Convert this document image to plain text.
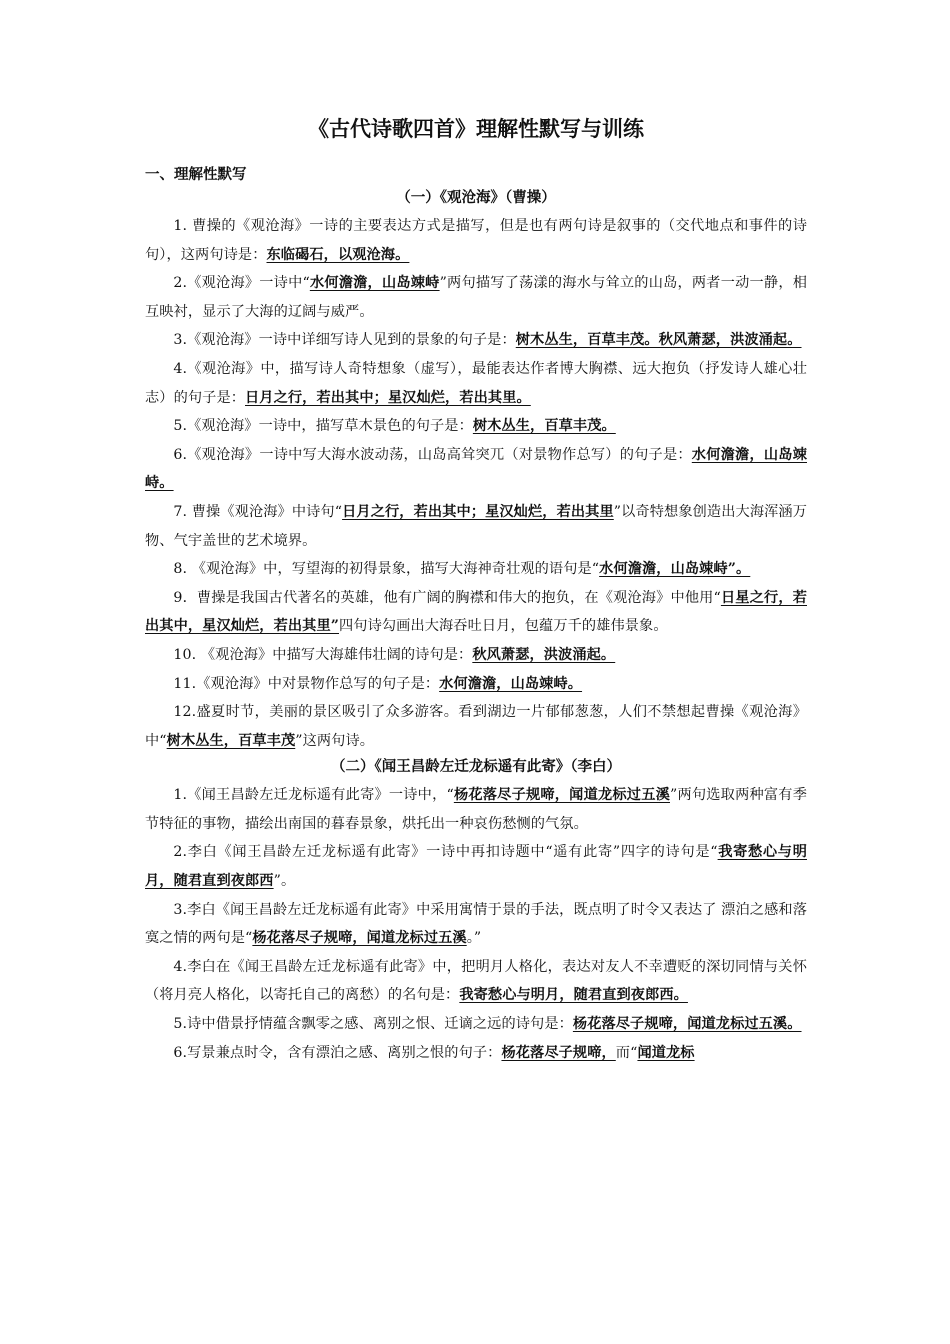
《古代诗歌四首》理解性默写与训练

一、理解性默写

（一）《观沧海》（曹操）

1. 曹操的《观沧海》一诗的主要表达方式是描写，但是也有两句诗是叙事的（交代地点和事件的诗句），这两句诗是：东临碣石，以观沧海。

2.《观沧海》一诗中“水何澹澹，山岛竦峙”两句描写了荡漾的海水与耸立的山岛，两者一动一静，相互映衬，显示了大海的辽阔与威严。

3.《观沧海》一诗中详细写诗人见到的景象的句子是：树木丛生，百草丰茂。秋风萧瑟，洪波涌起。

4.《观沧海》中，描写诗人奇特想象（虚写），最能表达作者博大胸襟、远大抱负（抒发诗人雄心壮志）的句子是：日月之行，若出其中；星汉灿烂，若出其里。

5.《观沧海》一诗中，描写草木景色的句子是：树木丛生，百草丰茂。

6.《观沧海》一诗中写大海水波动荡，山岛高耸突兀（对景物作总写）的句子是：水何澹澹，山岛竦峙。

7. 曹操《观沧海》中诗句“日月之行，若出其中；星汉灿烂，若出其里”以奇特想象创造出大海浑涵万物、气宇盖世的艺术境界。

8. 《观沧海》中，写望海的初得景象，描写大海神奇壮观的语句是“水何澹澹，山岛竦峙”。

9．曹操是我国古代著名的英雄，他有广阔的胸襟和伟大的抱负，在《观沧海》中他用“日星之行，若出其中，星汉灿烂，若出其里”四句诗勾画出大海吞吐日月，包蕴万千的雄伟景象。

10. 《观沧海》中描写大海雄伟壮阔的诗句是：秋风萧瑟，洪波涌起。

11.《观沧海》中对景物作总写的句子是：水何澹澹，山岛竦峙。

12.盛夏时节，美丽的景区吸引了众多游客。看到湖边一片郁郁葱葱，人们不禁想起曹操《观沧海》中“树木丛生，百草丰茂”这两句诗。

（二）《闻王昌龄左迁龙标遥有此寄》（李白）

1.《闻王昌龄左迁龙标遥有此寄》一诗中，“杨花落尽子规啼，闻道龙标过五溪”两句选取两种富有季节特征的事物，描绘出南国的暮春景象，烘托出一种哀伤愁恻的气氛。

2.李白《闻王昌龄左迁龙标遥有此寄》一诗中再扣诗题中“遥有此寄”四字的诗句是“我寄愁心与明月，随君直到夜郎西”。

3.李白《闻王昌龄左迁龙标遥有此寄》中采用寓情于景的手法，既点明了时令又表达了 漂泊之感和落寞之情的两句是“杨花落尽子规啼，闻道龙标过五溪。”

4.李白在《闻王昌龄左迁龙标遥有此寄》中，把明月人格化，表达对友人不幸遭贬的深切同情与关怀（将月亮人格化，以寄托自己的离愁）的名句是：我寄愁心与明月，随君直到夜郎西。

5.诗中借景抒情蕴含飘零之感、离别之恨、迁谪之远的诗句是：杨花落尽子规啼，闻道龙标过五溪。

6.写景兼点时令，含有漂泊之感、离别之恨的句子：杨花落尽子规啼，而“闻道龙标
